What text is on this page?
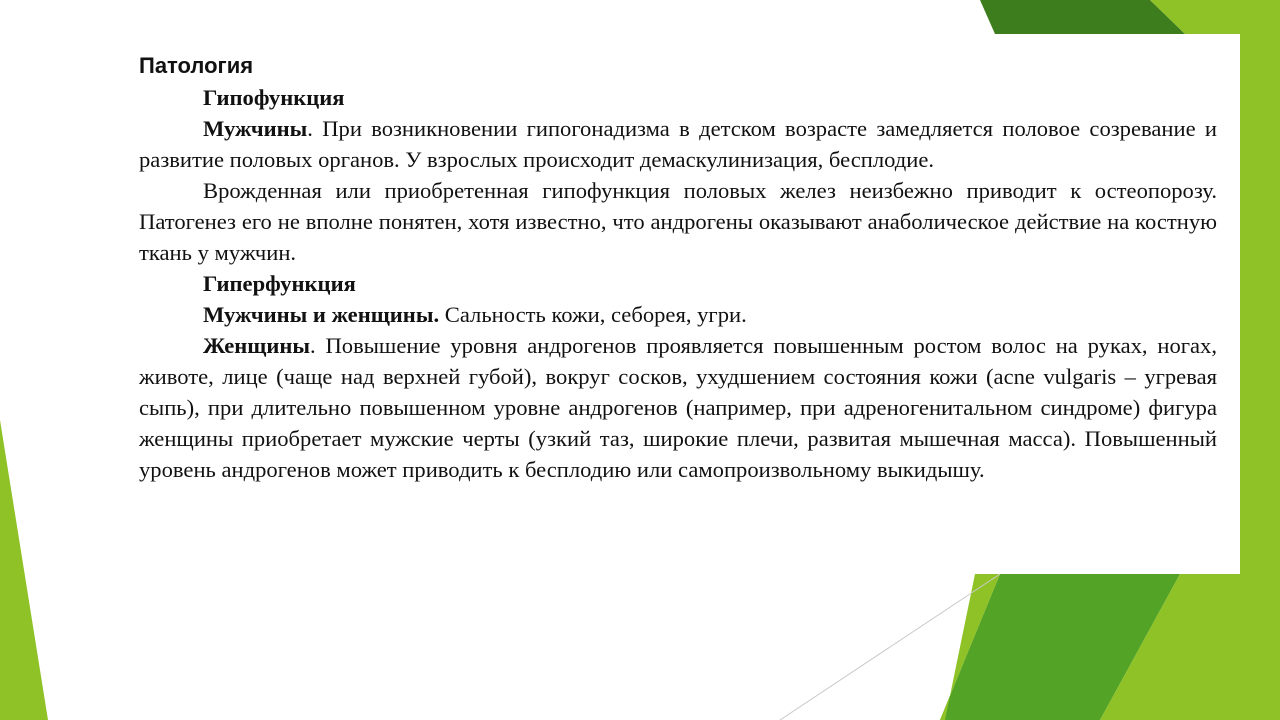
Патология

Гипофункция

Мужчины. При возникновении гипогонадизма в детском возрасте замедляется половое созревание и развитие половых органов. У взрослых происходит демаскулинизация, бесплодие.

Врожденная или приобретенная гипофункция половых желез неизбежно приводит к остеопорозу. Патогенез его не вполне понятен, хотя известно, что андрогены оказывают анаболическое действие на костную ткань у мужчин.

Гиперфункция

Мужчины и женщины. Сальность кожи, себорея, угри.

Женщины. Повышение уровня андрогенов проявляется повышенным ростом волос на руках, ногах, животе, лице (чаще над верхней губой), вокруг сосков, ухудшением состояния кожи (acne vulgaris – угревая сыпь), при длительно повышенном уровне андрогенов (например, при адреногенитальном синдроме) фигура женщины приобретает мужские черты (узкий таз, широкие плечи, развитая мышечная масса). Повышенный уровень андрогенов может приводить к бесплодию или самопроизвольному выкидышу.
